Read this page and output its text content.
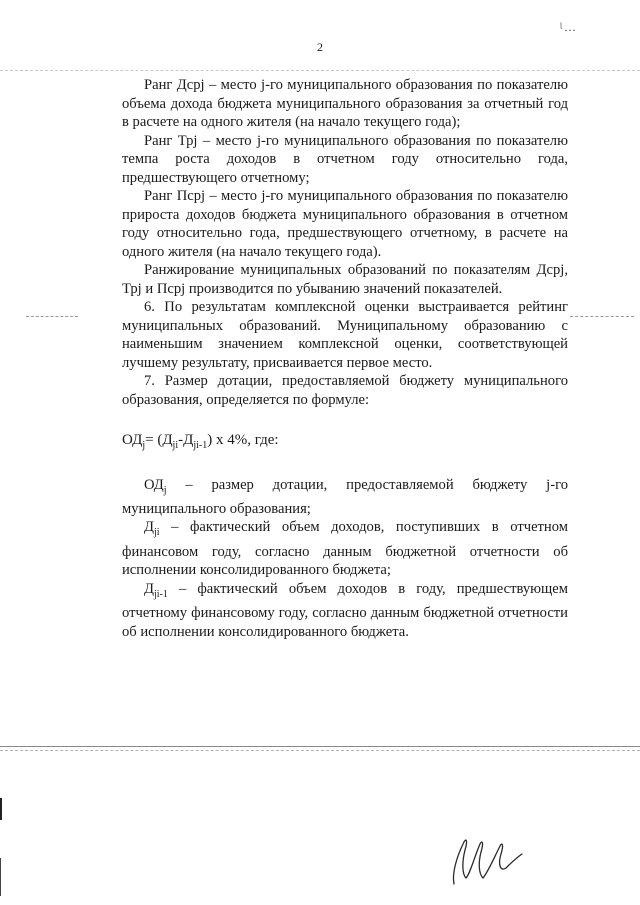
2
ᶩ…

Ранг Дсрj – место j-го муниципального образования по показателю объема дохода бюджета муниципального образования за отчетный год в расчете на одного жителя (на начало текущего года);

Ранг Трj – место j-го муниципального образования по показателю темпа роста доходов в отчетном году относительно года, предшествующего отчетному;

Ранг Псрj – место j-го муниципального образования по показателю прироста доходов бюджета муниципального образования в отчетном году относительно года, предшествующего отчетному, в расчете на одного жителя (на начало текущего года).

Ранжирование муниципальных образований по показателям Дсрj, Трj и Псрj производится по убыванию значений показателей.

6. По результатам комплексной оценки выстраивается рейтинг муниципальных образований. Муниципальному образованию с наименьшим значением комплексной оценки, соответствующей лучшему результату, присваивается первое место.

7. Размер дотации, предоставляемой бюджету муниципального образования, определяется по формуле:

$ОД_j= (Д_{ji}-Д_{ji-1})$ х 4%, где:

$ОД_j$ – размер дотации, предоставляемой бюджету j-го муниципального образования;

$Д_{ji}$ – фактический объем доходов, поступивших в отчетном финансовом году, согласно данным бюджетной отчетности об исполнении консолидированного бюджета;

$Д_{ji-1}$ – фактический объем доходов в году, предшествующем отчетному финансовому году, согласно данным бюджетной отчетности об исполнении консолидированного бюджета.
